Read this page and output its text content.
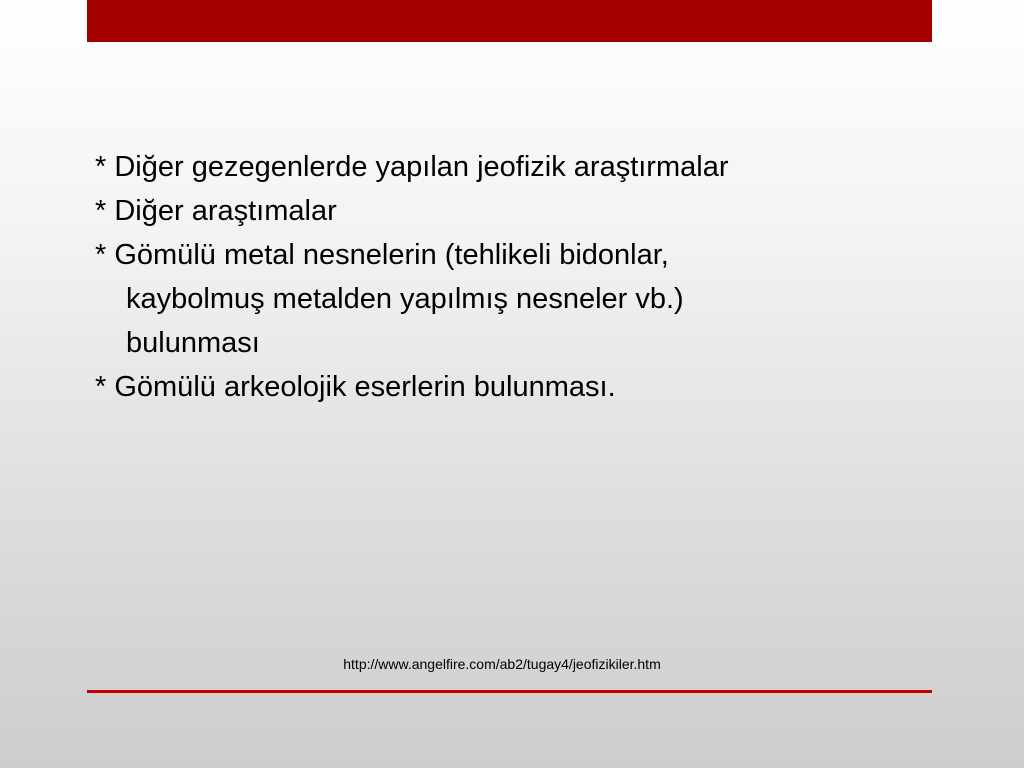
* Diğer gezegenlerde yapılan jeofizik araştırmalar

* Diğer araştımalar

* Gömülü metal nesnelerin (tehlikeli bidonlar,

kaybolmuş metalden yapılmış nesneler vb.)

bulunması

* Gömülü arkeolojik eserlerin bulunması.

http://www.angelfire.com/ab2/tugay4/jeofizikiler.htm
